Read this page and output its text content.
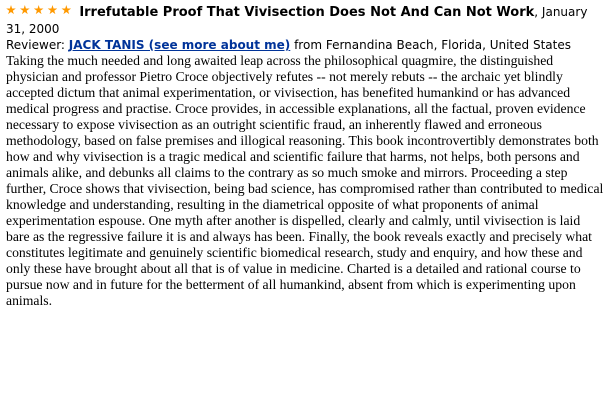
Irrefutable Proof That Vivisection Does Not And Can Not Work, January 31, 2000
Reviewer: JACK TANIS (see more about me) from Fernandina Beach, Florida, United States

Taking the much needed and long awaited leap across the philosophical quagmire, the distinguished physician and professor Pietro Croce objectively refutes -- not merely rebuts -- the archaic yet blindly accepted dictum that animal experimentation, or vivisection, has benefited humankind or has advanced medical progress and practise. Croce provides, in accessible explanations, all the factual, proven evidence necessary to expose vivisection as an outright scientific fraud, an inherently flawed and erroneous methodology, based on false premises and illogical reasoning. This book incontrovertibly demonstrates both how and why vivisection is a tragic medical and scientific failure that harms, not helps, both persons and animals alike, and debunks all claims to the contrary as so much smoke and mirrors. Proceeding a step further, Croce shows that vivisection, being bad science, has compromised rather than contributed to medical knowledge and understanding, resulting in the diametrical opposite of what proponents of animal experimentation espouse. One myth after another is dispelled, clearly and calmly, until vivisection is laid bare as the regressive failure it is and always has been. Finally, the book reveals exactly and precisely what constitutes legitimate and genuinely scientific biomedical research, study and enquiry, and how these and only these have brought about all that is of value in medicine. Charted is a detailed and rational course to pursue now and in future for the betterment of all humankind, absent from which is experimenting upon animals.
